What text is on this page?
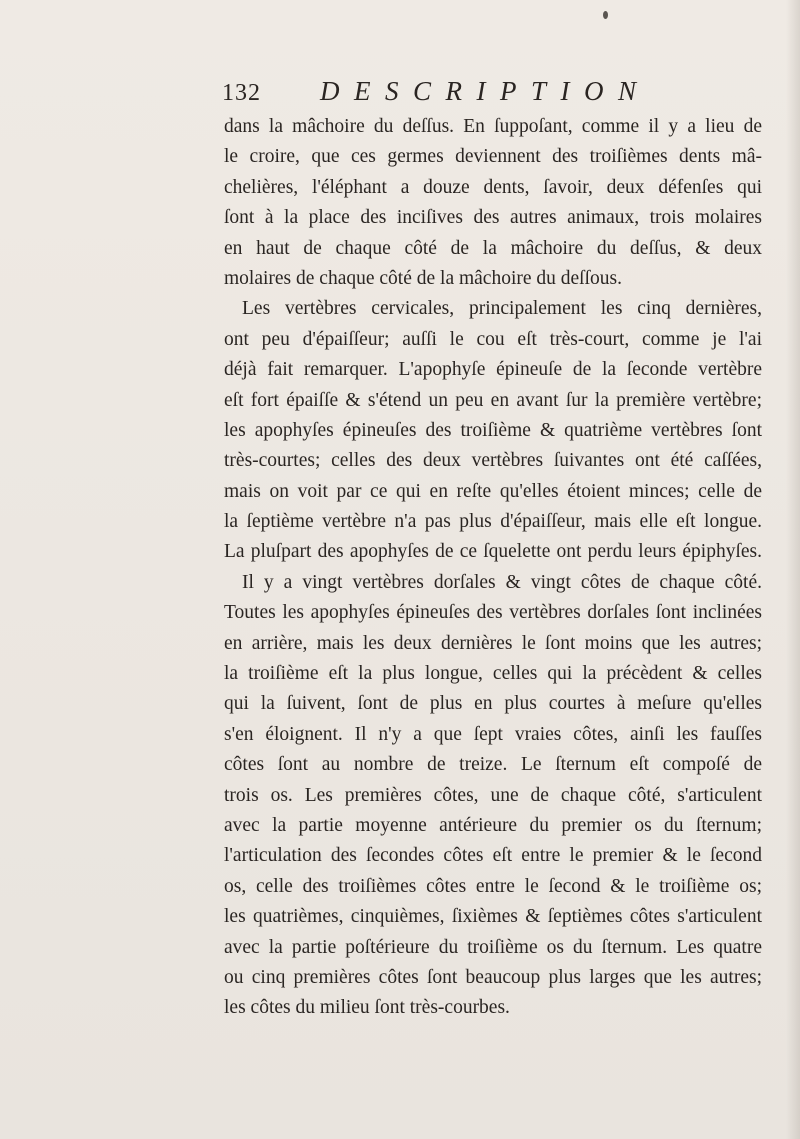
132 DESCRIPTION
dans la mâchoire du deſſus. En ſuppoſant, comme il y a lieu de
le croire, que ces germes deviennent des troiſièmes dents mâ-
chelières, l'éléphant a douze dents, ſavoir, deux défenſes qui
ſont à la place des inciſives des autres animaux, trois molaires
en haut de chaque côté de la mâchoire du deſſus, & deux
molaires de chaque côté de la mâchoire du deſſous.
Les vertèbres cervicales, principalement les cinq dernières,
ont peu d'épaiſſeur; auſſi le cou eſt très-court, comme je l'ai
déjà fait remarquer. L'apophyſe épineuſe de la ſeconde vertèbre
eſt fort épaiſſe & s'étend un peu en avant ſur la première vertèbre;
les apophyſes épineuſes des troiſième & quatrième vertèbres ſont
très-courtes; celles des deux vertèbres ſuivantes ont été caſſées,
mais on voit par ce qui en reſte qu'elles étoient minces; celle de
la ſeptième vertèbre n'a pas plus d'épaiſſeur, mais elle eſt longue.
La pluſpart des apophyſes de ce ſquelette ont perdu leurs épiphyſes.
Il y a vingt vertèbres dorſales & vingt côtes de chaque côté.
Toutes les apophyſes épineuſes des vertèbres dorſales ſont inclinées
en arrière, mais les deux dernières le ſont moins que les autres;
la troiſième eſt la plus longue, celles qui la précèdent & celles
qui la ſuivent, ſont de plus en plus courtes à meſure qu'elles
s'en éloignent. Il n'y a que ſept vraies côtes, ainſi les fauſſes
côtes ſont au nombre de treize. Le ſternum eſt compoſé de
trois os. Les premières côtes, une de chaque côté, s'articulent
avec la partie moyenne antérieure du premier os du ſternum;
l'articulation des ſecondes côtes eſt entre le premier & le ſecond
os, celle des troiſièmes côtes entre le ſecond & le troiſième os;
les quatrièmes, cinquièmes, ſixièmes & ſeptièmes côtes s'articulent
avec la partie poſtérieure du troiſième os du ſternum. Les quatre
ou cinq premières côtes ſont beaucoup plus larges que les autres;
les côtes du milieu ſont très-courbes.
